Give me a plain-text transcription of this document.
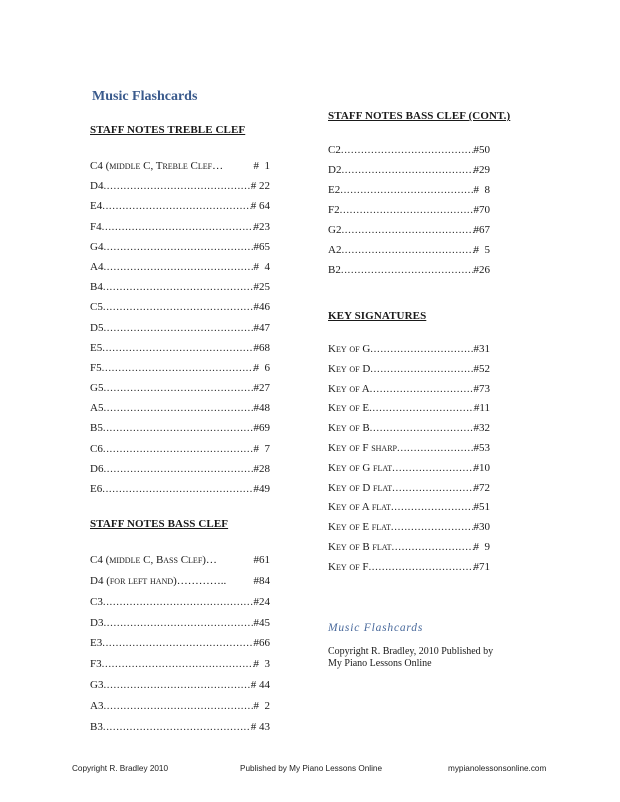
Music Flashcards
STAFF NOTES TREBLE CLEF
C4 (middle C, Treble Clef…	#  1
D4 .....	# 22
E4 .....	# 64
F4 .....	#23
G4 .....	#65
A4 .....	#  4
B4 .....	#25
C5 .....	#46
D5 .....	#47
E5 .....	#68
F5 .....	#  6
G5 .....	#27
A5 .....	#48
B5 .....	#69
C6 .....	#  7
D6 .....	#28
E6 .....	#49
STAFF NOTES BASS CLEF
C4 (middle C, Bass Clef)…	#61
D4 (for left hand)………….. #84
C3 .....	#24
D3 .....	#45
E3 .....	#66
F3 .....	#  3
G3 .....	# 44
A3 .....	#  2
B3 .....	# 43
STAFF NOTES BASS CLEF (CONT.)
C2 .....	#50
D2 .....	#29
E2 .....	#  8
F2 .....	#70
G2 .....	#67
A2 .....	#  5
B2 .....	#26
KEY SIGNATURES
Key of G .....	#31
Key of D .....	#52
Key of A .....	#73
Key of E .....	#11
Key of B .....	#32
Key of F sharp .....	#53
Key of G flat .....	#10
Key of D flat .....	#72
Key of A flat .....	#51
Key of E flat .....	#30
Key of B flat .....	#  9
Key of F .....	#71
Music Flashcards
Copyright R. Bradley, 2010 Published by My Piano Lessons Online
Copyright R. Bradley 2010	Published by My Piano Lessons Online	mypianolessonsonline.com
